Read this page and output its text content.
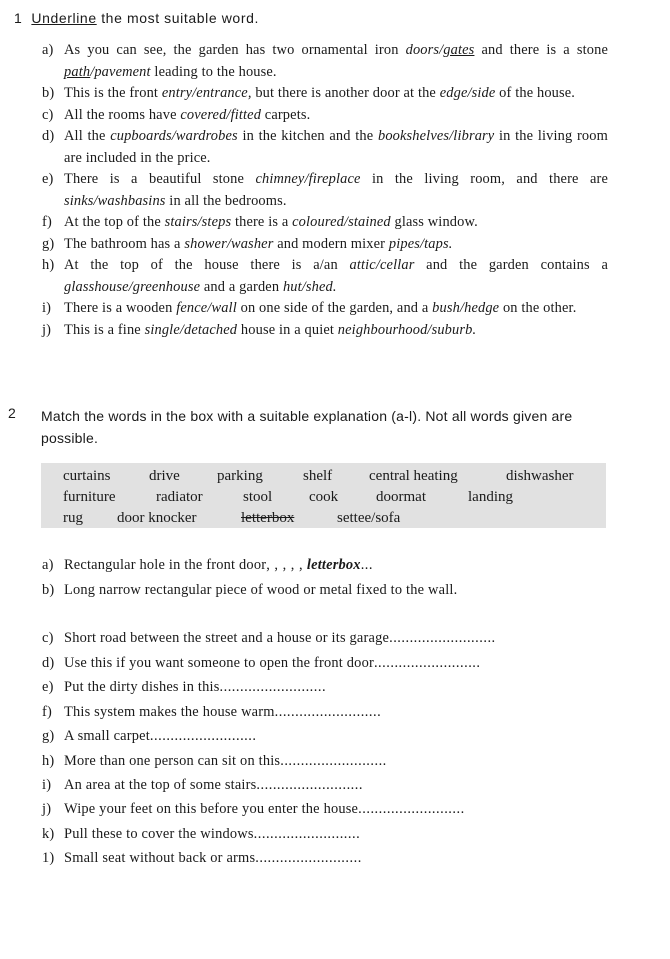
1 Underline the most suitable word.
a) As you can see, the garden has two ornamental iron doors/gates and there is a stone path/pavement leading to the house.
b) This is the front entry/entrance, but there is another door at the edge/side of the house.
c) All the rooms have covered/fitted carpets.
d) All the cupboards/wardrobes in the kitchen and the bookshelves/library in the living room are included in the price.
e) There is a beautiful stone chimney/fireplace in the living room, and there are sinks/washbasins in all the bedrooms.
f) At the top of the stairs/steps there is a coloured/stained glass window.
g) The bathroom has a shower/washer and modern mixer pipes/taps.
h) At the top of the house there is a/an attic/cellar and the garden contains a glasshouse/greenhouse and a garden hut/shed.
i) There is a wooden fence/wall on one side of the garden, and a bush/hedge on the other.
j) This is a fine single/detached house in a quiet neighbourhood/suburb.
2 Match the words in the box with a suitable explanation (a-l). Not all words given are possible.
curtains	drive parking	shelf central heating	dishwasher
furniture	radiator	stool cook	doormat	landing
rug door knocker	letterbox	settee/sofa
a) Rectangular hole in the front door, , , , , letterbox...
b) Long narrow rectangular piece of wood or metal fixed to the wall.
c) Short road between the street and a house or its garage..........................
d) Use this if you want someone to open the front door..........................
e) Put the dirty dishes in this..........................
f) This system makes the house warm..........................
g) A small carpet..........................
h) More than one person can sit on this..........................
i) An area at the top of some stairs..........................
j) Wipe your feet on this before you enter the house..........................
k) Pull these to cover the windows..........................
1) Small seat without back or arms..........................
